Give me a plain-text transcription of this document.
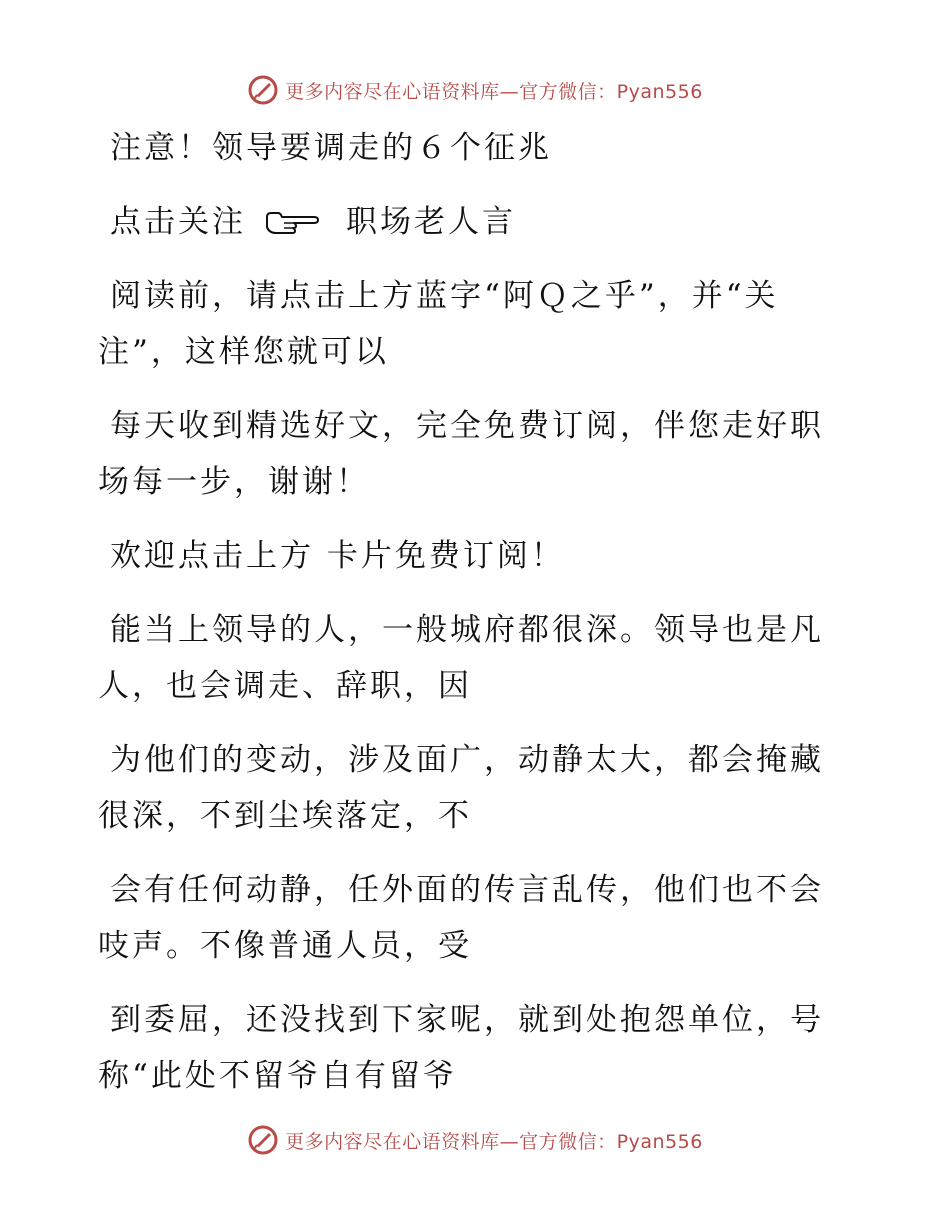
更多内容尽在心语资料库—官方微信：Pyan556

注意！领导要调走的６个征兆

点击关注	职场老人言

阅读前，请点击上方蓝字“阿Ｑ之乎”，并“关注”，这样您就可以

每天收到精选好文，完全免费订阅，伴您走好职场每一步，谢谢！

欢迎点击上方 卡片免费订阅！

能当上领导的人，一般城府都很深。领导也是凡人，也会调走、辞职，因

为他们的变动，涉及面广，动静太大，都会掩藏很深，不到尘埃落定，不

会有任何动静，任外面的传言乱传，他们也不会吱声。不像普通人员，受

到委屈，还没找到下家呢，就到处抱怨单位，号称“此处不留爷自有留爷

更多内容尽在心语资料库—官方微信：Pyan556
